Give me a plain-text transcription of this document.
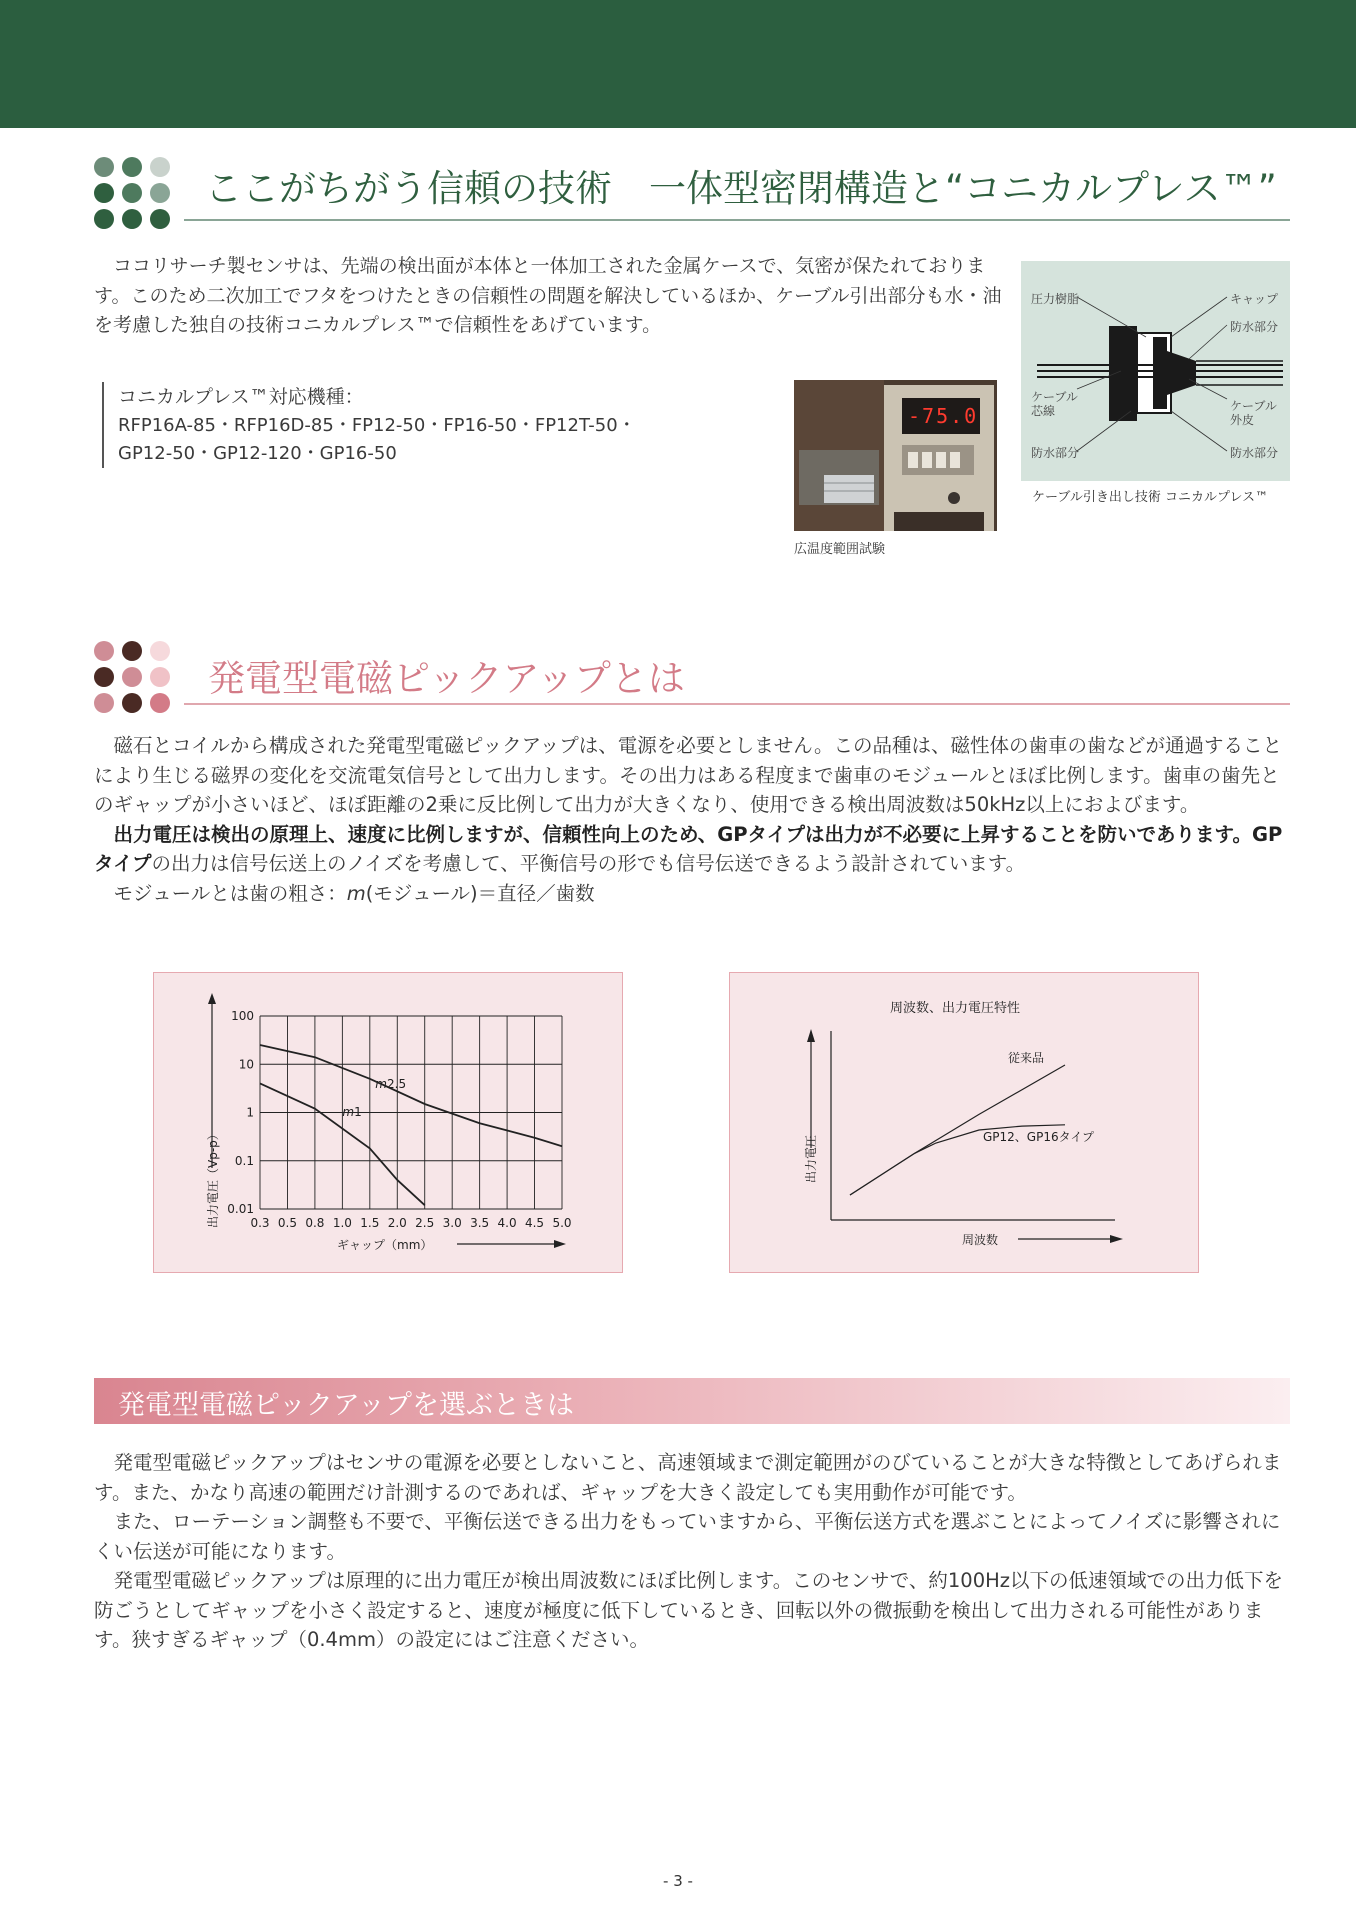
ここがちがう信頼の技術　一体型密閉構造と“コニカルプレス™”

ココリサーチ製センサは、先端の検出面が本体と一体加工された金属ケースで、気密が保たれております。このため二次加工でフタをつけたときの信頼性の問題を解決しているほか、ケーブル引出部分も水・油を考慮した独自の技術コニカルプレス™で信頼性をあげています。

コニカルプレス™対応機種：
RFP16A-85・RFP16D-85・FP12-50・FP16-50・FP12T-50・
GP12-50・GP12-120・GP16-50
-75.0
広温度範囲試験
圧力樹脂	キャップ
防水部分
ケーブル
芯線	ケーブル
外皮
防水部分	防水部分
ケーブル引き出し技術 コニカルプレス™
発電型電磁ピックアップとは

磁石とコイルから構成された発電型電磁ピックアップは、電源を必要としません。この品種は、磁性体の歯車の歯などが通過することにより生じる磁界の変化を交流電気信号として出力します。その出力はある程度まで歯車のモジュールとほぼ比例します。歯車の歯先とのギャップが小さいほど、ほぼ距離の2乗に反比例して出力が大きくなり、使用できる検出周波数は50kHz以上におよびます。

出力電圧は検出の原理上、速度に比例しますが、信頼性向上のため、GPタイプは出力が不必要に上昇することを防いであります。GPタイプの出力は信号伝送上のノイズを考慮して、平衡信号の形でも信号伝送できるよう設計されています。

モジュールとは歯の粗さ：m(モジュール)＝直径／歯数

0.3 0.5 0.8 1.0 1.5 2.0 2.5 3.0 3.5 4.0 4.5 5.0
100
10
1
0.1
0.01
ギャップ（mm）
出力電圧（Vp-p）
m2.5
m1
周波数、出力電圧特性
周波数
出力電圧
従来品
GP12、GP16タイプ
発電型電磁ピックアップを選ぶときは

発電型電磁ピックアップはセンサの電源を必要としないこと、高速領域まで測定範囲がのびていることが大きな特徴としてあげられます。また、かなり高速の範囲だけ計測するのであれば、ギャップを大きく設定しても実用動作が可能です。

また、ローテーション調整も不要で、平衡伝送できる出力をもっていますから、平衡伝送方式を選ぶことによってノイズに影響されにくい伝送が可能になります。

発電型電磁ピックアップは原理的に出力電圧が検出周波数にほぼ比例します。このセンサで、約100Hz以下の低速領域での出力低下を防ごうとしてギャップを小さく設定すると、速度が極度に低下しているとき、回転以外の微振動を検出して出力される可能性があります。狭すぎるギャップ（0.4mm）の設定にはご注意ください。

- 3 -
